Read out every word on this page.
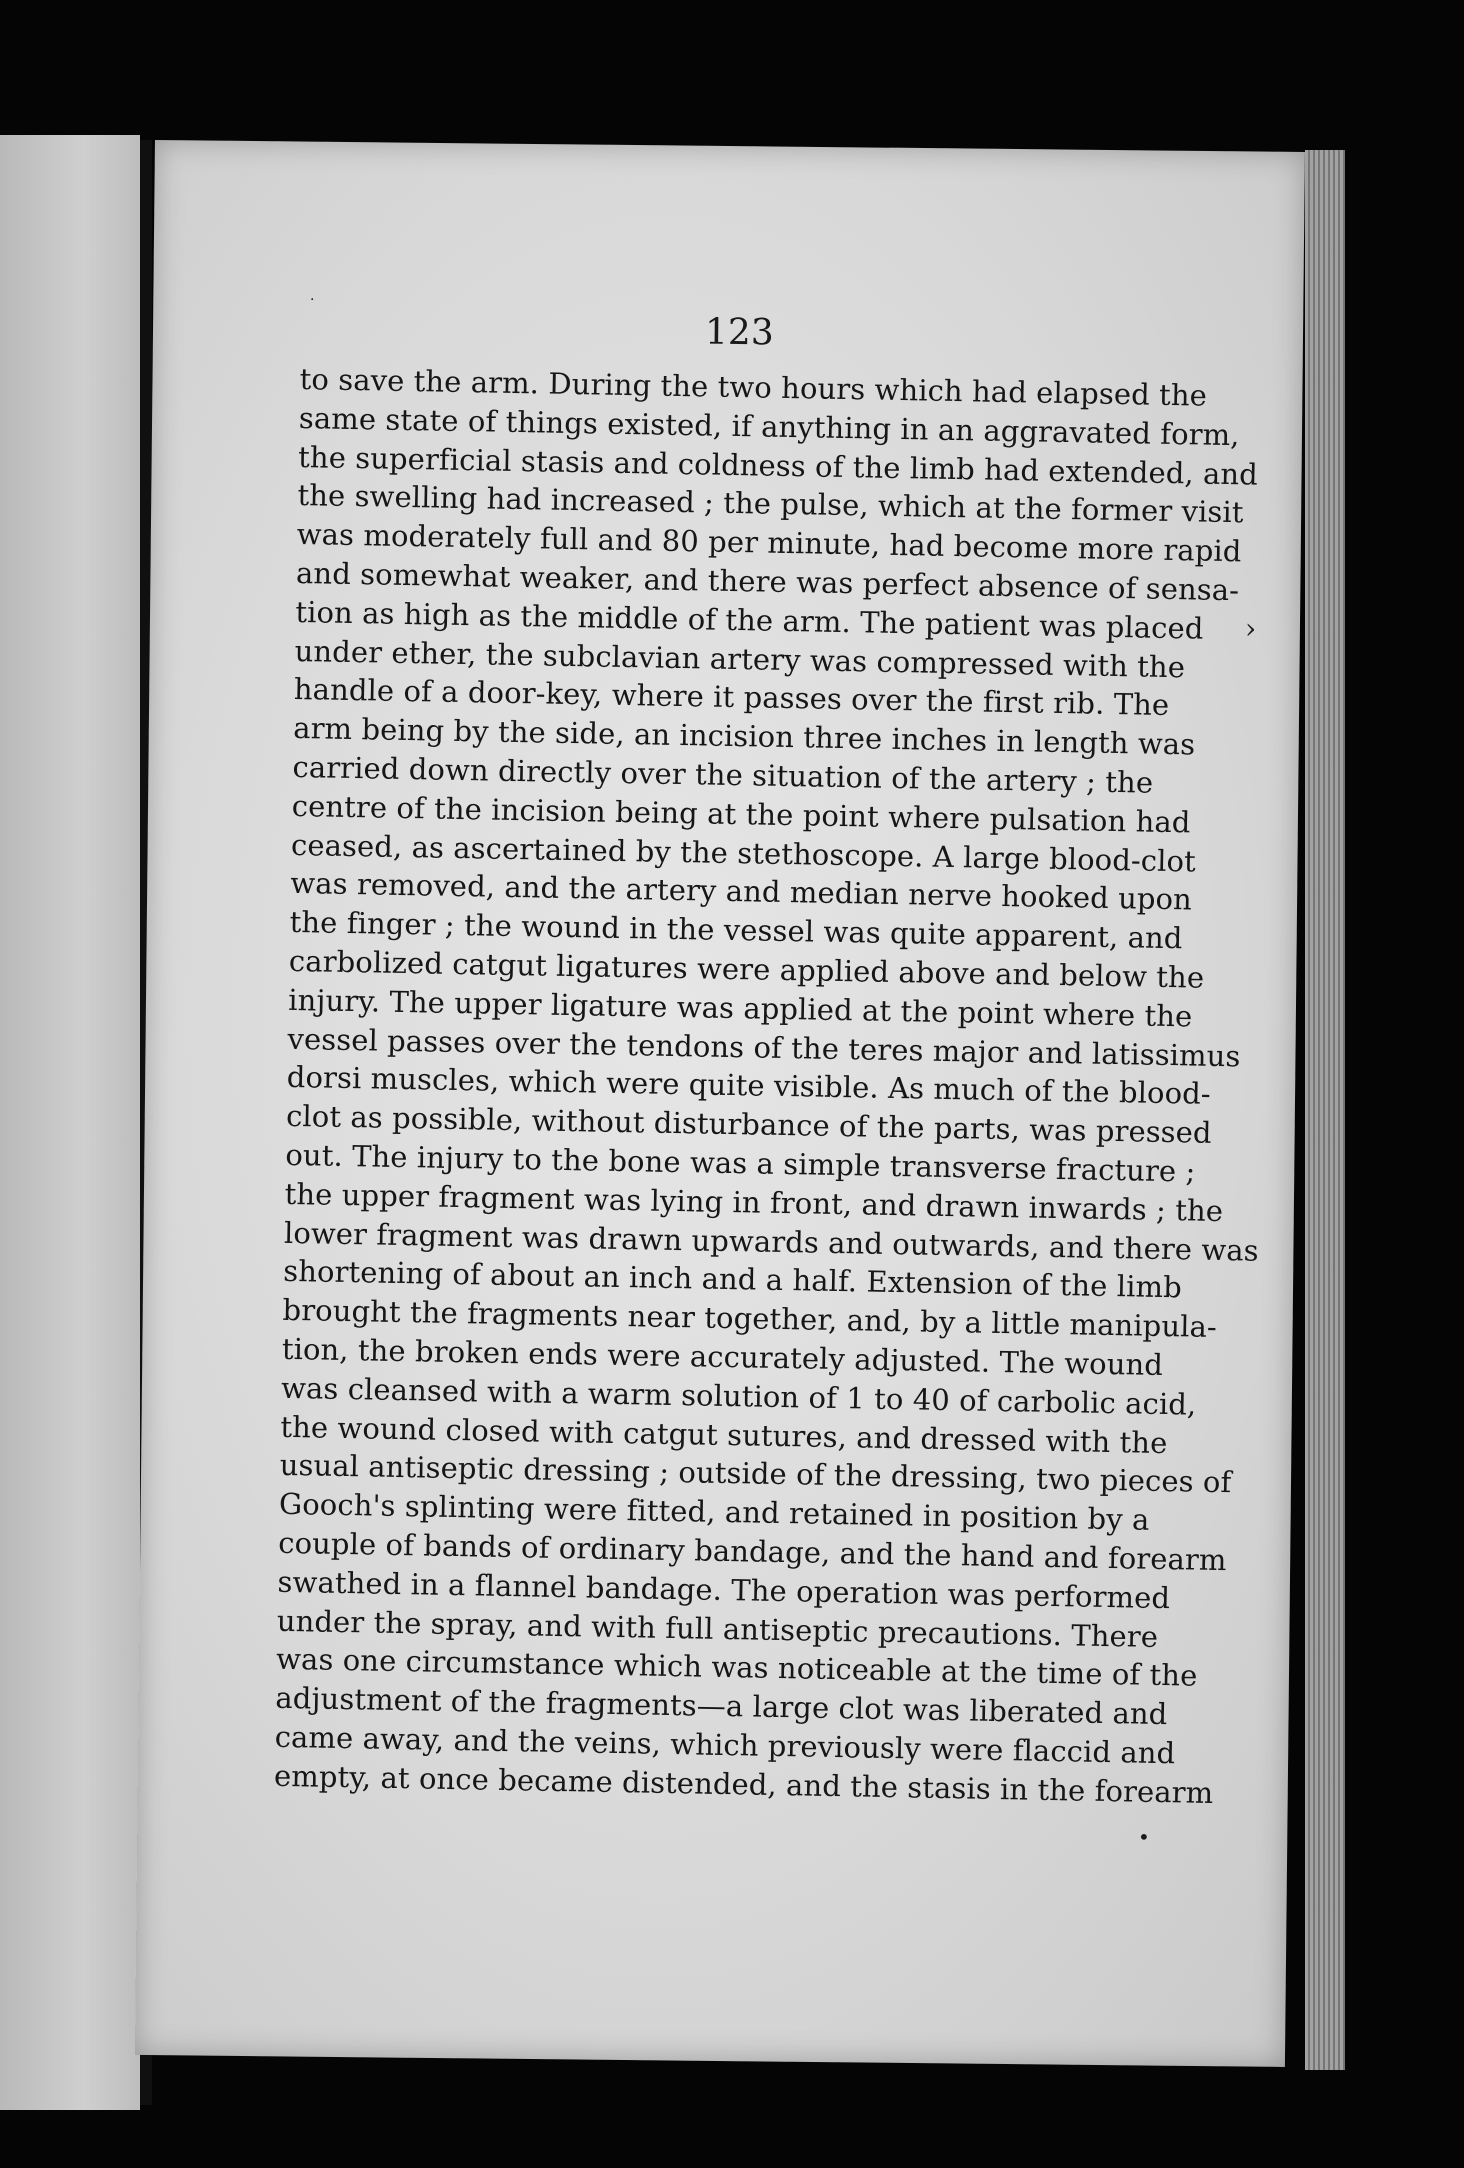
123
to save the arm. During the two hours which had elapsed the
same state of things existed, if anything in an aggravated form,
the superficial stasis and coldness of the limb had extended, and
the swelling had increased ; the pulse, which at the former visit
was moderately full and 80 per minute, had become more rapid
and somewhat weaker, and there was perfect absence of sensa-
tion as high as the middle of the arm. The patient was placed
under ether, the subclavian artery was compressed with the
handle of a door-key, where it passes over the first rib. The
arm being by the side, an incision three inches in length was
carried down directly over the situation of the artery ; the
centre of the incision being at the point where pulsation had
ceased, as ascertained by the stethoscope. A large blood-clot
was removed, and the artery and median nerve hooked upon
the finger ; the wound in the vessel was quite apparent, and
carbolized catgut ligatures were applied above and below the
injury. The upper ligature was applied at the point where the
vessel passes over the tendons of the teres major and latissimus
dorsi muscles, which were quite visible. As much of the blood-
clot as possible, without disturbance of the parts, was pressed
out. The injury to the bone was a simple transverse fracture ;
the upper fragment was lying in front, and drawn inwards ; the
lower fragment was drawn upwards and outwards, and there was
shortening of about an inch and a half. Extension of the limb
brought the fragments near together, and, by a little manipula-
tion, the broken ends were accurately adjusted. The wound
was cleansed with a warm solution of 1 to 40 of carbolic acid,
the wound closed with catgut sutures, and dressed with the
usual antiseptic dressing ; outside of the dressing, two pieces of
Gooch's splinting were fitted, and retained in position by a
couple of bands of ordinary bandage, and the hand and forearm
swathed in a flannel bandage. The operation was performed
under the spray, and with full antiseptic precautions. There
was one circumstance which was noticeable at the time of the
adjustment of the fragments—a large clot was liberated and
came away, and the veins, which previously were flaccid and
empty, at once became distended, and the stasis in the forearm
›
·
•
